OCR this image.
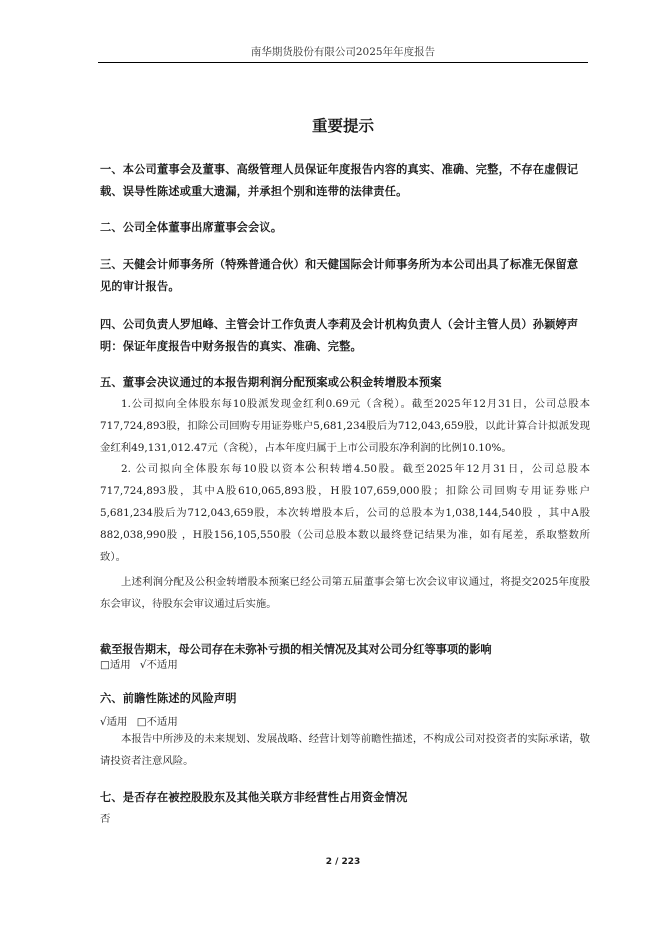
南华期货股份有限公司2025年年度报告
重要提示
一、本公司董事会及董事、高级管理人员保证年度报告内容的真实、准确、完整，不存在虚假记载、误导性陈述或重大遗漏，并承担个别和连带的法律责任。
二、公司全体董事出席董事会会议。
三、天健会计师事务所（特殊普通合伙）和天健国际会计师事务所为本公司出具了标准无保留意见的审计报告。
四、公司负责人罗旭峰、主管会计工作负责人李莉及会计机构负责人（会计主管人员）孙颖婷声明：保证年度报告中财务报告的真实、准确、完整。
五、董事会决议通过的本报告期利润分配预案或公积金转增股本预案

1.公司拟向全体股东每10股派发现金红利0.69元（含税）。截至2025年12月31日，公司总股本717,724,893股，扣除公司回购专用证券账户5,681,234股后为712,043,659股，以此计算合计拟派发现金红利49,131,012.47元（含税），占本年度归属于上市公司股东净利润的比例10.10%。

2. 公司拟向全体股东每10股以资本公积转增4.50股。截至2025年12月31日，公司总股本717,724,893股，其中A股610,065,893股，H股107,659,000股；扣除公司回购专用证券账户5,681,234股后为712,043,659股，本次转增股本后，公司的总股本为1,038,144,540股 ，其中A股882,038,990股 ，H股156,105,550股（公司总股本数以最终登记结果为准，如有尾差，系取整数所致）。

上述利润分配及公积金转增股本预案已经公司第五届董事会第七次会议审议通过，将提交2025年度股东会审议，待股东会审议通过后实施。

截至报告期末，母公司存在未弥补亏损的相关情况及其对公司分红等事项的影响
□适用 √不适用
六、前瞻性陈述的风险声明
√适用 □不适用

本报告中所涉及的未来规划、发展战略、经营计划等前瞻性描述，不构成公司对投资者的实际承诺，敬请投资者注意风险。

七、是否存在被控股股东及其他关联方非经营性占用资金情况
否
2 / 223
